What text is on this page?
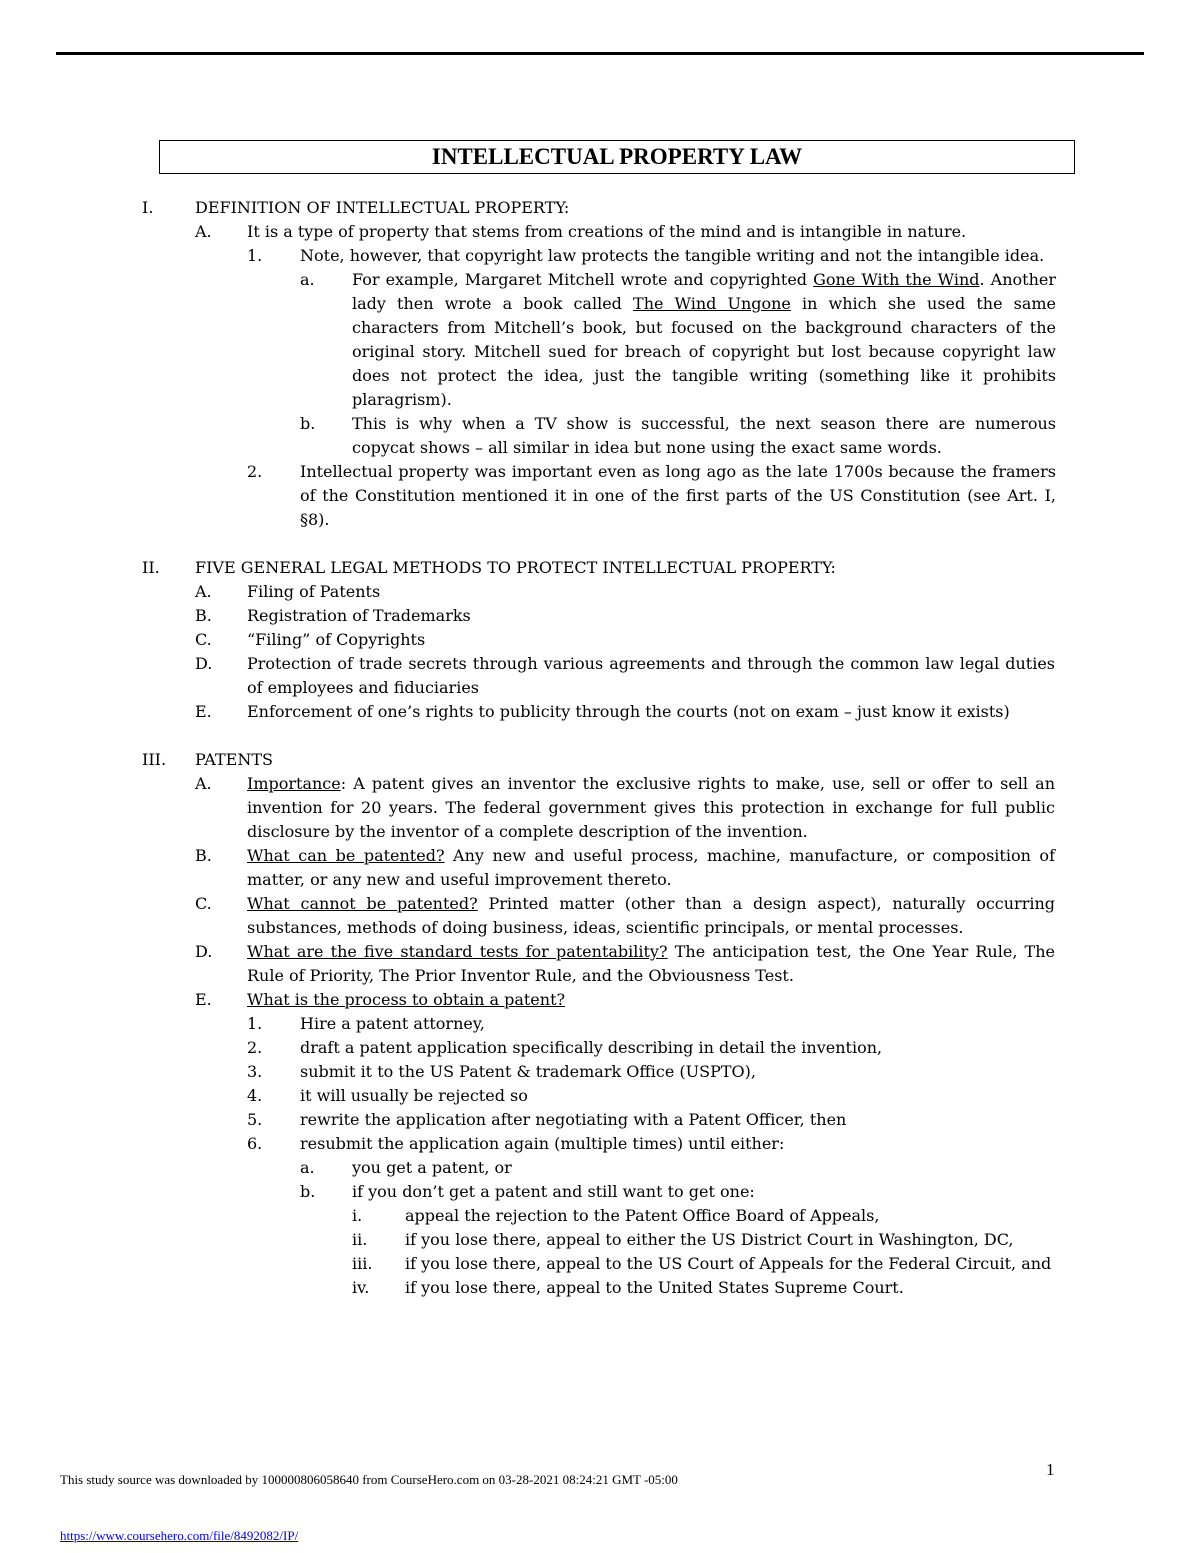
INTELLECTUAL PROPERTY LAW
I.	DEFINITION OF INTELLECTUAL PROPERTY:
A. It is a type of property that stems from creations of the mind and is intangible in nature.
1. Note, however, that copyright law protects the tangible writing and not the intangible idea.
a. For example, Margaret Mitchell wrote and copyrighted Gone With the Wind. Another lady then wrote a book called The Wind Ungone in which she used the same characters from Mitchell’s book, but focused on the background characters of the original story. Mitchell sued for breach of copyright but lost because copyright law does not protect the idea, just the tangible writing (something like it prohibits plaragrism).
b. This is why when a TV show is successful, the next season there are numerous copycat shows – all similar in idea but none using the exact same words.
2. Intellectual property was important even as long ago as the late 1700s because the framers of the Constitution mentioned it in one of the first parts of the US Constitution (see Art. I, §8).
II. FIVE GENERAL LEGAL METHODS TO PROTECT INTELLECTUAL PROPERTY:
A. Filing of Patents
B. Registration of Trademarks
C. “Filing” of Copyrights
D. Protection of trade secrets through various agreements and through the common law legal duties of employees and fiduciaries
E. Enforcement of one’s rights to publicity through the courts (not on exam – just know it exists)
III. PATENTS
A. Importance: A patent gives an inventor the exclusive rights to make, use, sell or offer to sell an invention for 20 years. The federal government gives this protection in exchange for full public disclosure by the inventor of a complete description of the invention.
B. What can be patented? Any new and useful process, machine, manufacture, or composition of matter, or any new and useful improvement thereto.
C. What cannot be patented? Printed matter (other than a design aspect), naturally occurring substances, methods of doing business, ideas, scientific principals, or mental processes.
D. What are the five standard tests for patentability? The anticipation test, the One Year Rule, The Rule of Priority, The Prior Inventor Rule, and the Obviousness Test.
E. What is the process to obtain a patent?
1. Hire a patent attorney,
2. draft a patent application specifically describing in detail the invention,
3. submit it to the US Patent & trademark Office (USPTO),
4. it will usually be rejected so
5. rewrite the application after negotiating with a Patent Officer, then
6. resubmit the application again (multiple times) until either:
a. you get a patent, or
b. if you don’t get a patent and still want to get one:
i.	appeal the rejection to the Patent Office Board of Appeals,
ii. if you lose there, appeal to either the US District Court in Washington, DC,
iii. if you lose there, appeal to the US Court of Appeals for the Federal Circuit, and
iv. if you lose there, appeal to the United States Supreme Court.
1
This study source was downloaded by 100000806058640 from CourseHero.com on 03-28-2021 08:24:21 GMT -05:00
https://www.coursehero.com/file/8492082/IP/
